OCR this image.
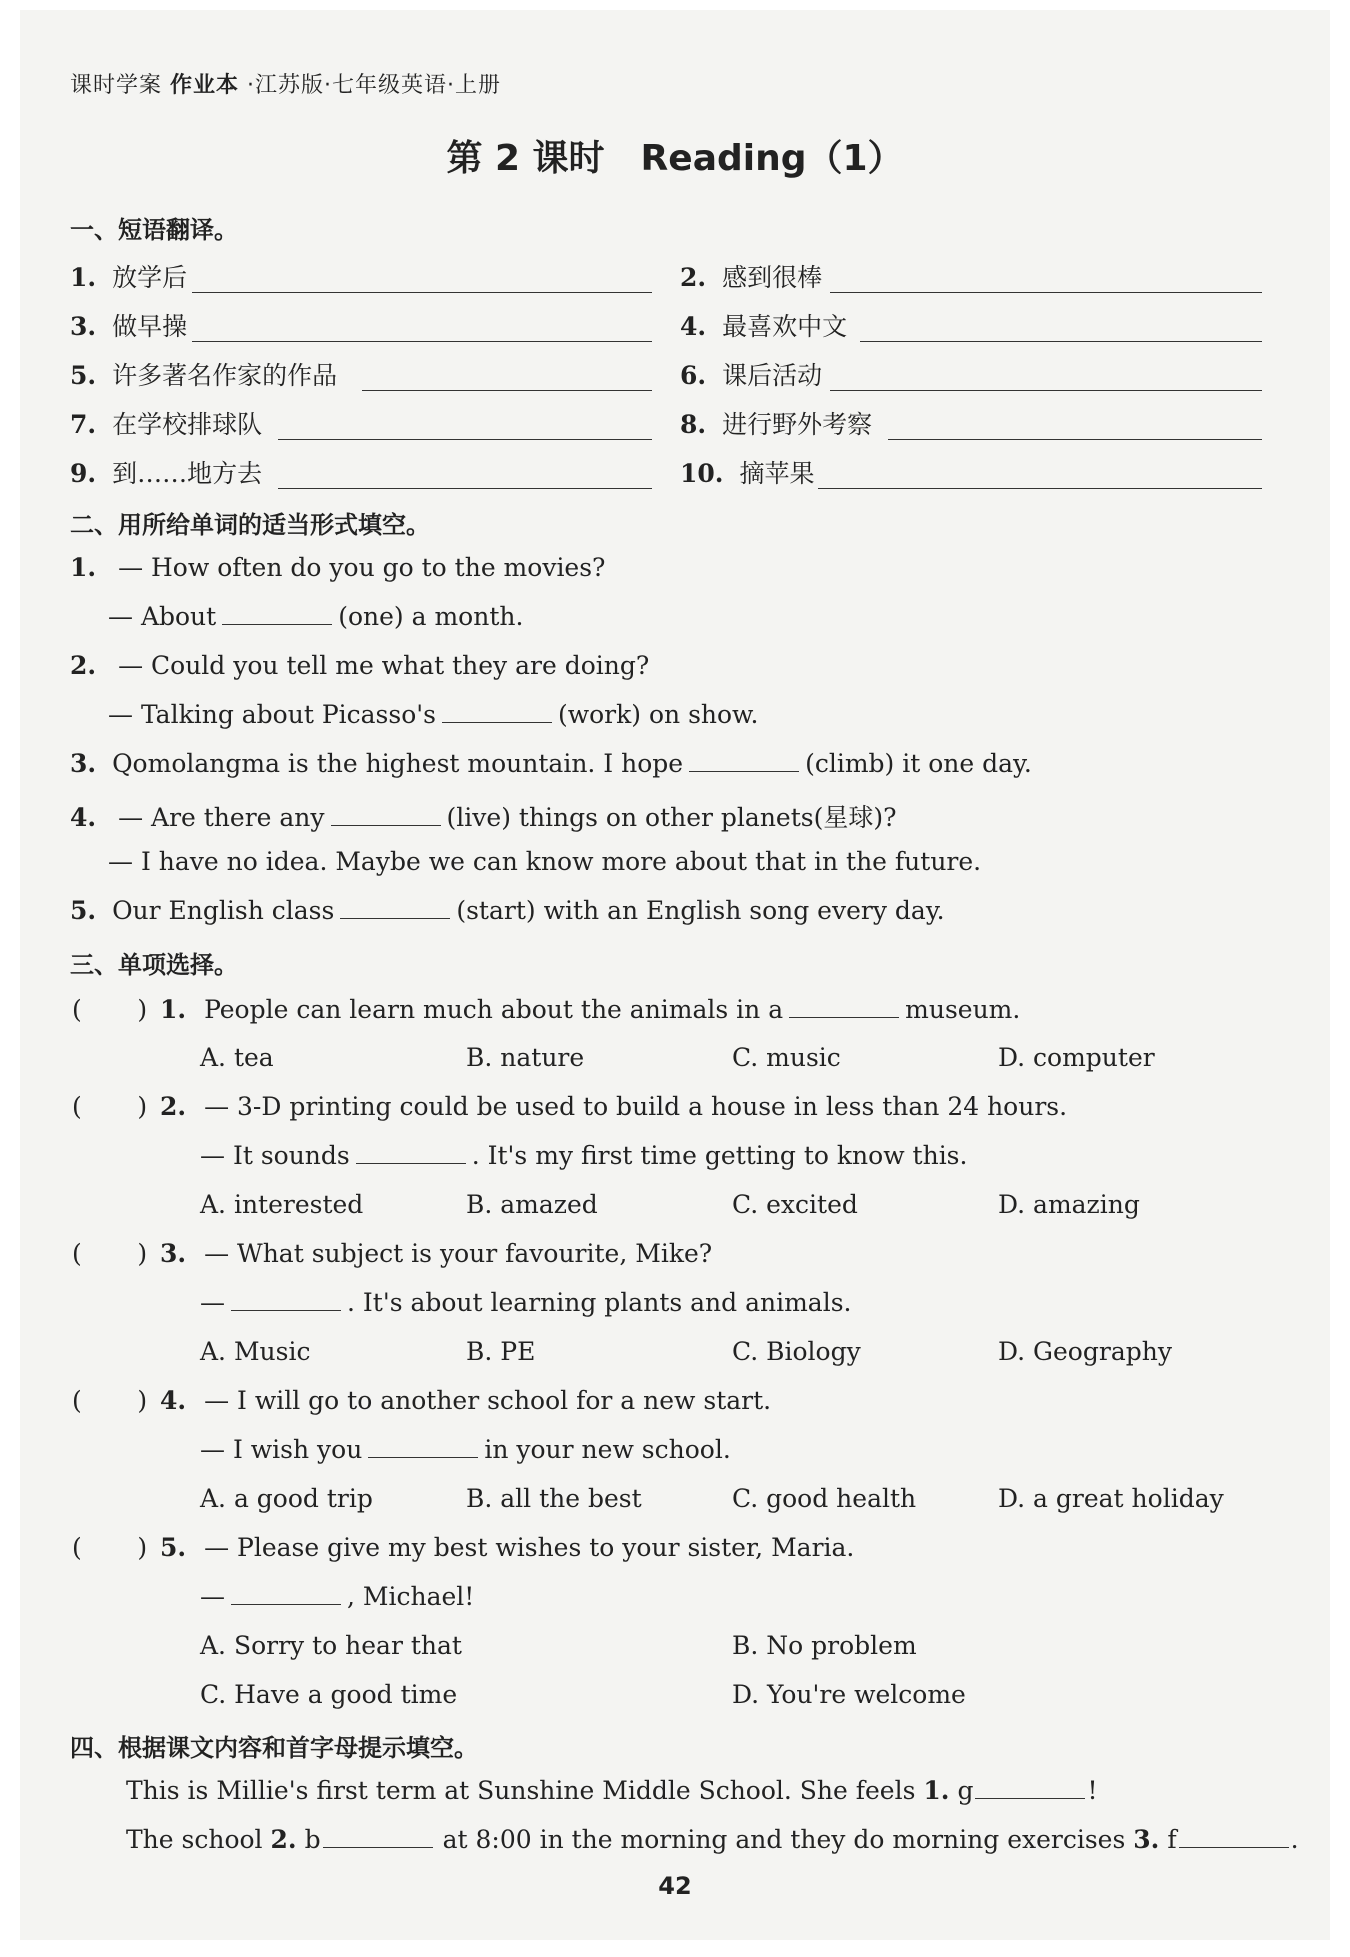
课时学案 作业本 ·江苏版·七年级英语·上册
第 2 课时　Reading（1）
一、短语翻译。
1. 放学后	2. 感到很棒
3. 做早操	4. 最喜欢中文
5. 许多著名作家的作品	6. 课后活动
7. 在学校排球队	8. 进行野外考察
9. 到……地方去	10. 摘苹果
二、用所给单词的适当形式填空。
1. — How often do you go to the movies?
— About	(one) a month.
2. — Could you tell me what they are doing?
— Talking about Picasso's	(work) on show.
3. Qomolangma is the highest mountain. I hope	(climb) it one day.
4. — Are there any	(live) things on other planets(星球)?
— I have no idea. Maybe we can know more about that in the future.
5. Our English class	(start) with an English song every day.
三、单项选择。
(       ) 1. People can learn much about the animals in a	museum.
A. tea	B. nature	C. music	D. computer
(       ) 2. — 3-D printing could be used to build a house in less than 24 hours.
— It sounds	. It's my first time getting to know this.
A. interested	B. amazed	C. excited	D. amazing
(       ) 3. — What subject is your favourite, Mike?
—	. It's about learning plants and animals.
A. Music	B. PE	C. Biology	D. Geography
(       ) 4. — I will go to another school for a new start.
— I wish you	in your new school.
A. a good trip	B. all the best	C. good health	D. a great holiday
(       ) 5. — Please give my best wishes to your sister, Maria.
—	, Michael!
A. Sorry to hear that	B. No problem
C. Have a good time	D. You're welcome
四、根据课文内容和首字母提示填空。
This is Millie's first term at Sunshine Middle School. She feels 1. g	!
The school 2. b	at 8:00 in the morning and they do morning exercises 3. f	.
42
